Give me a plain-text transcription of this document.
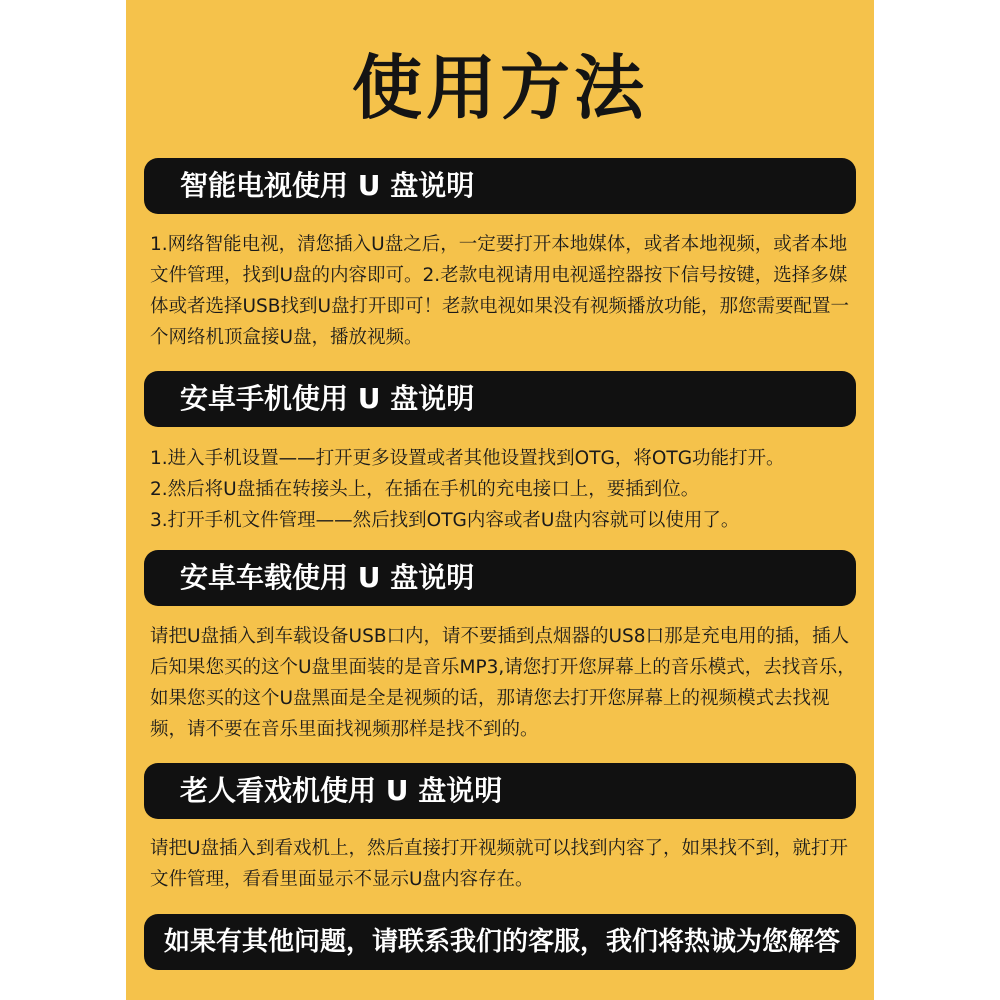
使用方法
智能电视使用 U 盘说明

1.网络智能电视，清您插入U盘之后，一定要打开本地媒体，或者本地视频，或者本地文件管理，找到U盘的内容即可。2.老款电视请用电视遥控器按下信号按键，选择多媒体或者选择USB找到U盘打开即可！老款电视如果没有视频播放功能，那您需要配置一个网络机顶盒接U盘，播放视频。

安卓手机使用 U 盘说明

1.进入手机设置——打开更多设置或者其他设置找到OTG，将OTG功能打开。

2.然后将U盘插在转接头上，在插在手机的充电接口上，要插到位。

3.打开手机文件管理——然后找到OTG内容或者U盘内容就可以使用了。

安卓车载使用 U 盘说明

请把U盘插入到车载设备USB口内，请不要插到点烟器的US8口那是充电用的插，插人后知果您买的这个U盘里面装的是音乐MP3,请您打开您屏幕上的音乐模式，去找音乐，如果您买的这个U盘黑面是全是视频的话，那请您去打开您屏幕上的视频模式去找视频，请不要在音乐里面找视频那样是找不到的。

老人看戏机使用 U 盘说明

请把U盘插入到看戏机上，然后直接打开视频就可以找到内容了，如果找不到，就打开文件管理，看看里面显示不显示U盘内容存在。

如果有其他问题，请联系我们的客服，我们将热诚为您解答
